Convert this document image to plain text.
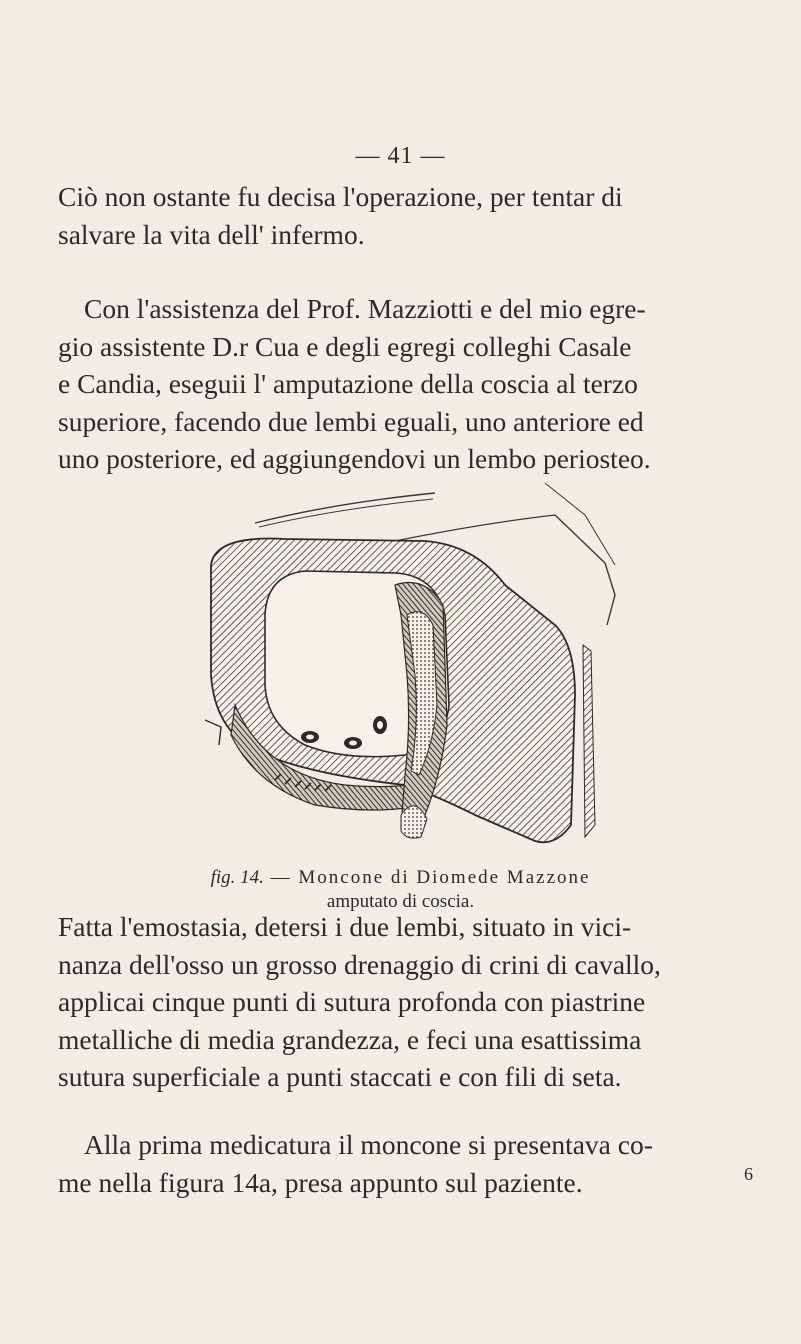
— 41 —

Ciò non ostante fu decisa l'operazione, per tentar di
salvare la vita dell' infermo.

Con l'assistenza del Prof. Mazziotti e del mio egre-
gio assistente D.r Cua e degli egregi colleghi Casale
e Candia, eseguii l' amputazione della coscia al terzo
superiore, facendo due lembi eguali, uno anteriore ed
uno posteriore, ed aggiungendovi un lembo periosteo.

fig. 14. — Moncone di Diomede Mazzone
amputato di coscia.

Fatta l'emostasia, detersi i due lembi, situato in vici-
nanza dell'osso un grosso drenaggio di crini di cavallo,
applicai cinque punti di sutura profonda con piastrine
metalliche di media grandezza, e feci una esattissima
sutura superficiale a punti staccati e con fili di seta.

Alla prima medicatura il moncone si presentava co-
me nella figura 14a, presa appunto sul paziente.	6
